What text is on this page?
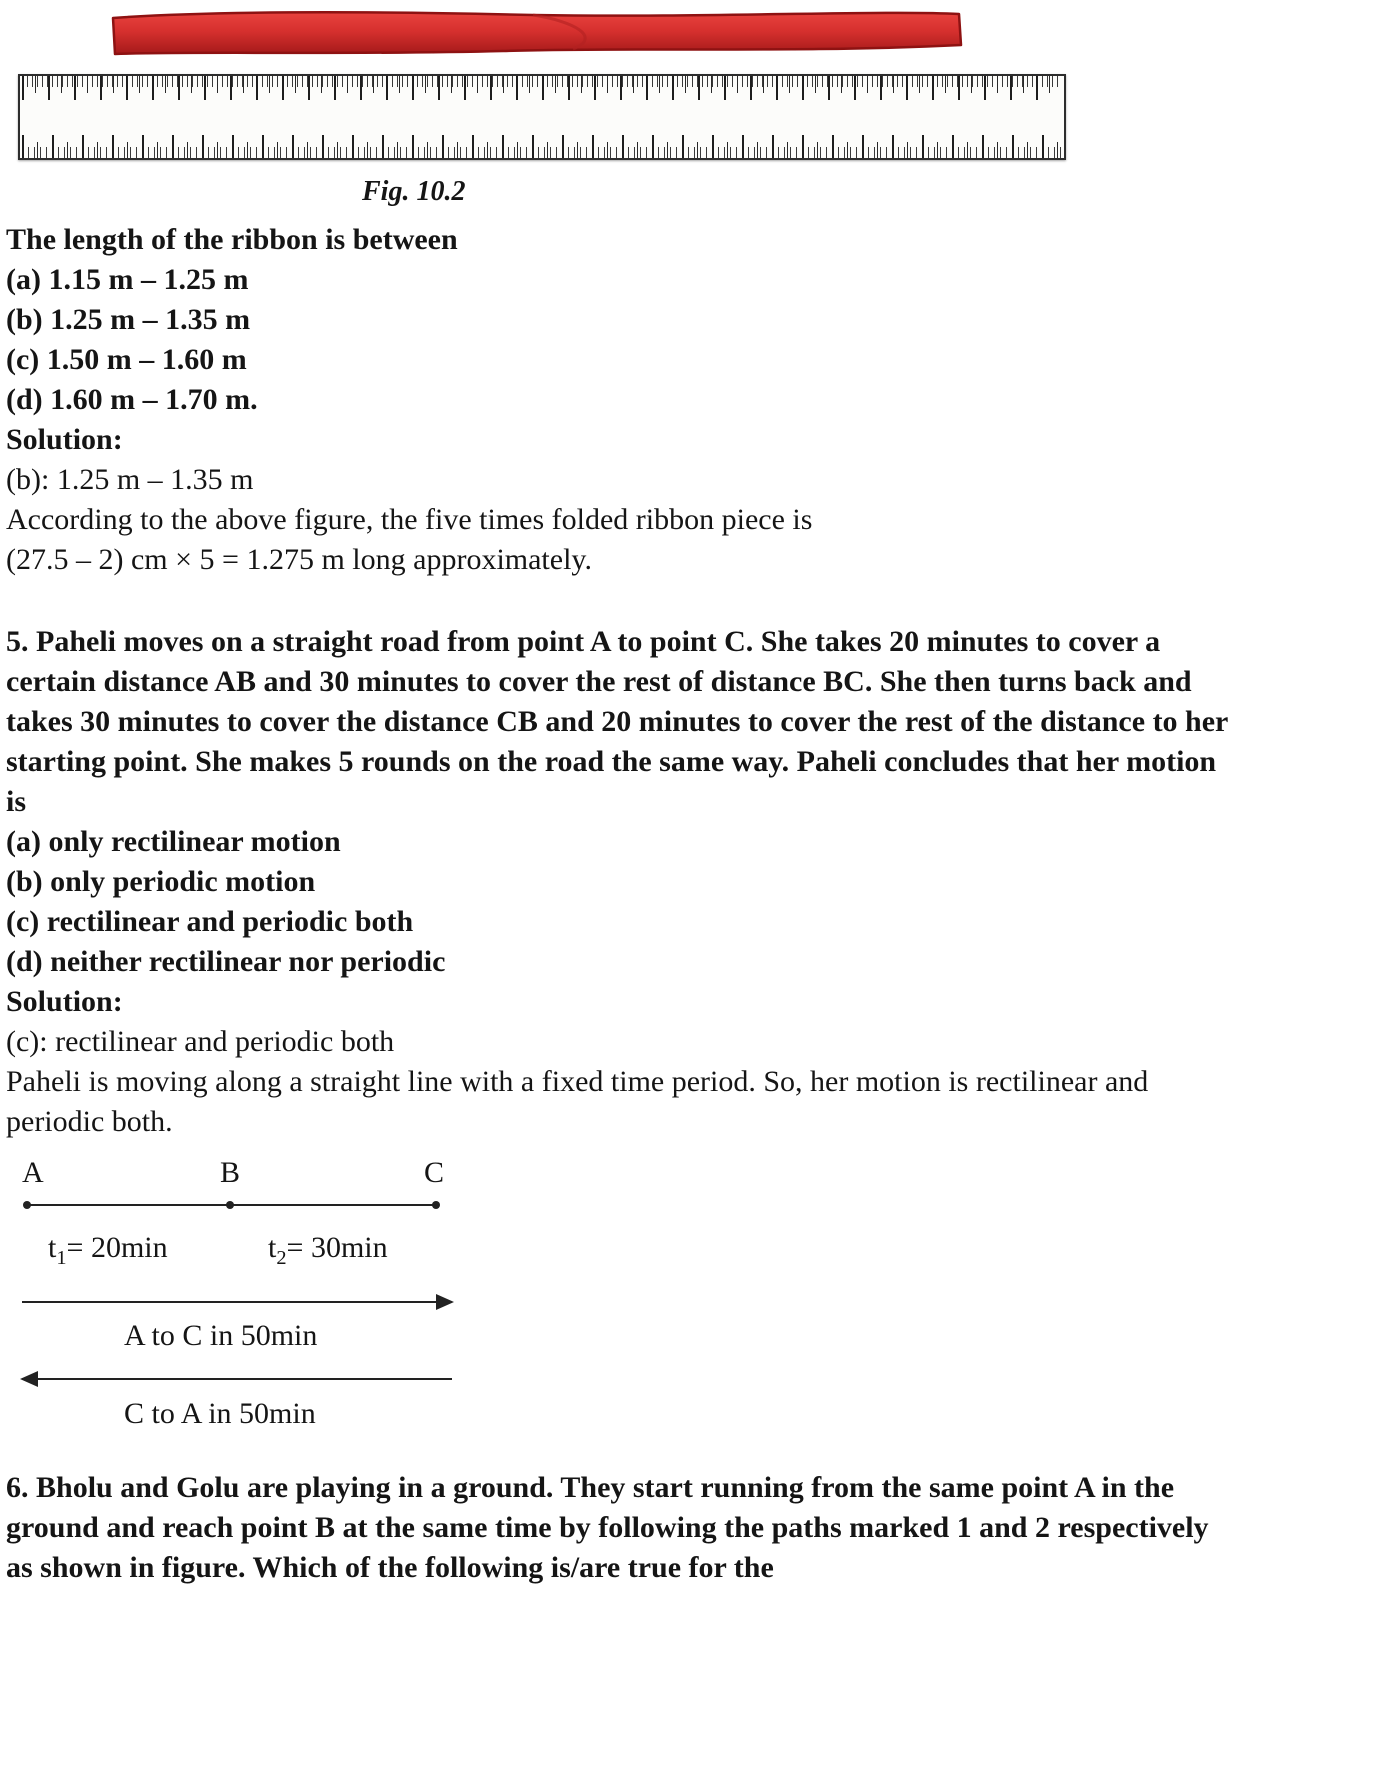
Fig. 10.2

The length of the ribbon is between

(a) 1.15 m – 1.25 m

(b) 1.25 m – 1.35 m

(c) 1.50 m – 1.60 m

(d) 1.60 m – 1.70 m.

Solution:

(b): 1.25 m – 1.35 m

According to the above figure, the five times folded ribbon piece is

(27.5 – 2) cm × 5 = 1.275 m long approximately.

5. Paheli moves on a straight road from point A to point C. She takes 20 minutes to cover a certain distance AB and 30 minutes to cover the rest of distance BC. She then turns back and takes 30 minutes to cover the distance CB and 20 minutes to cover the rest of the distance to her starting point. She makes 5 rounds on the road the same way. Paheli concludes that her motion is

(a) only rectilinear motion

(b) only periodic motion

(c) rectilinear and periodic both

(d) neither rectilinear nor periodic

Solution:

(c): rectilinear and periodic both

Paheli is moving along a straight line with a fixed time period. So, her motion is rectilinear and periodic both.

A	B	C
$t_1= 20\min$	$t_2= 30\min$
A to C in 50min
C to A in 50min

6. Bholu and Golu are playing in a ground. They start running from the same point A in the ground and reach point B at the same time by following the paths marked 1 and 2 respectively as shown in figure. Which of the following is/are true for the
